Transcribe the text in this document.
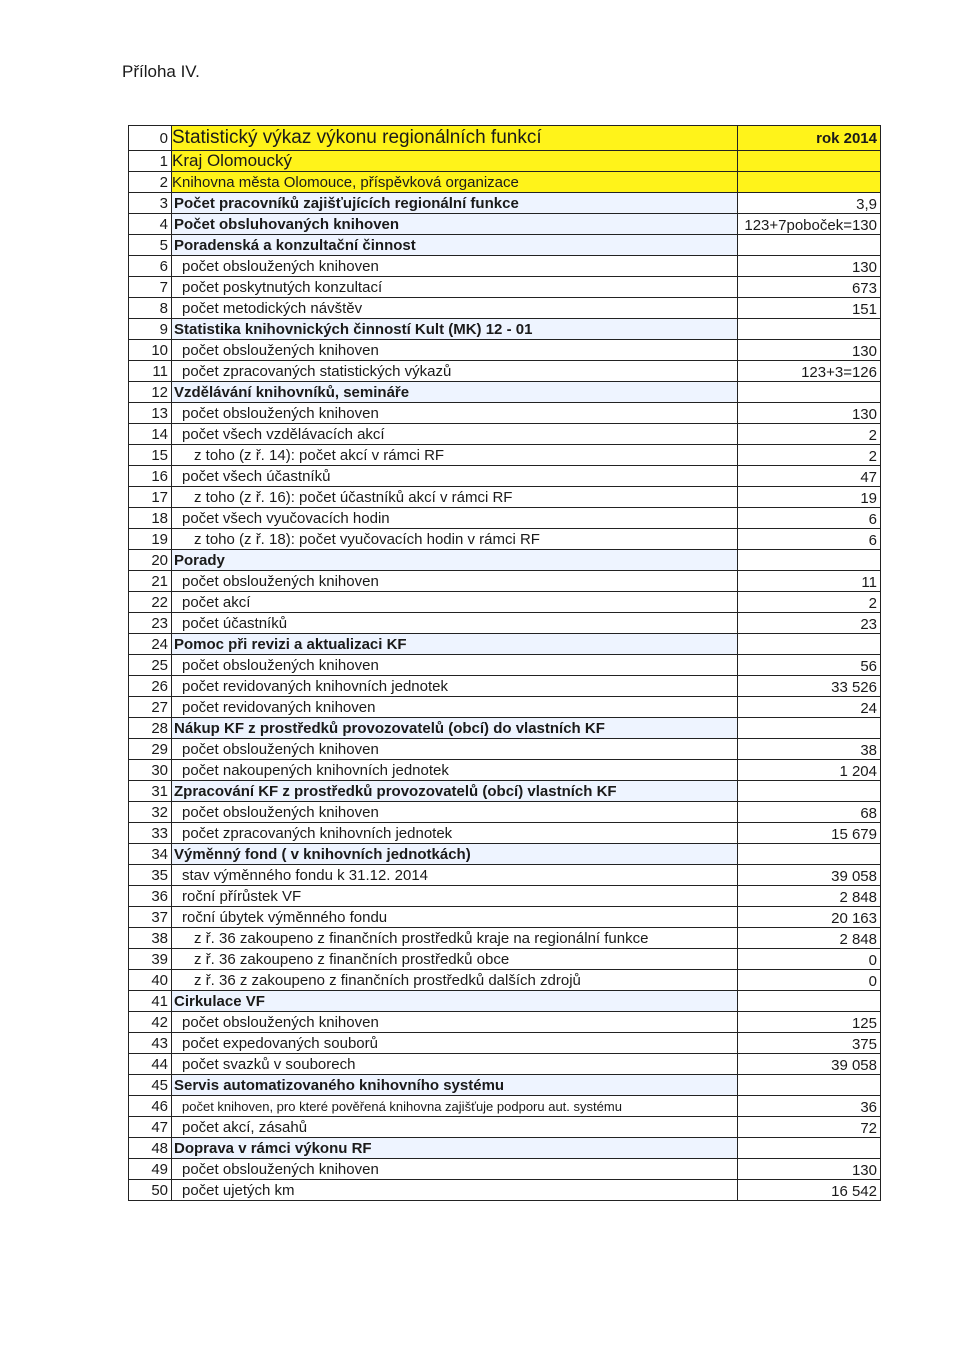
Příloha IV.
0	Statistický výkaz výkonu regionálních funkcí	rok 2014
1	Kraj Olomoucký	
2	Knihovna města Olomouce, příspěvková organizace	
3	Počet pracovníků zajišťujících regionální funkce	3,9
4	Počet obsluhovaných knihoven	123+7poboček=130
5	Poradenská a konzultační činnost	
6	počet obsloužených knihoven	130
7	počet poskytnutých konzultací	673
8	počet metodických návštěv	151
9	Statistika knihovnických činností Kult (MK) 12 - 01	
10	počet obsloužených knihoven	130
11	počet zpracovaných statistických výkazů	123+3=126
12	Vzdělávání knihovníků, semináře	
13	počet obsloužených knihoven	130
14	počet všech vzdělávacích akcí	2
15	z toho (z ř. 14): počet akcí v rámci RF	2
16	počet všech účastníků	47
17	z toho (z ř. 16): počet účastníků akcí v rámci RF	19
18	počet všech vyučovacích hodin	6
19	z toho (z ř. 18): počet vyučovacích hodin v rámci RF	6
20	Porady	
21	počet obsloužených knihoven	11
22	počet akcí	2
23	počet účastníků	23
24	Pomoc při revizi a aktualizaci KF	
25	počet obsloužených knihoven	56
26	počet revidovaných knihovních jednotek	33 526
27	počet revidovaných knihoven	24
28	Nákup KF z prostředků provozovatelů (obcí) do vlastních KF	
29	počet obsloužených knihoven	38
30	počet nakoupených knihovních jednotek	1 204
31	Zpracování KF z prostředků provozovatelů (obcí) vlastních KF	
32	počet obsloužených knihoven	68
33	počet zpracovaných knihovních jednotek	15 679
34	Výměnný fond ( v knihovních jednotkách)	
35	stav výměnného fondu k 31.12. 2014	39 058
36	roční přírůstek VF	2 848
37	roční úbytek výměnného fondu	20 163
38	z ř. 36 zakoupeno z finančních prostředků kraje na regionální funkce	2 848
39	z ř. 36 zakoupeno z finančních prostředků obce	0
40	z ř. 36 z zakoupeno z finančních prostředků dalších zdrojů	0
41	Cirkulace VF	
42	počet obsloužených knihoven	125
43	počet expedovaných souborů	375
44	počet svazků v souborech	39 058
45	Servis automatizovaného knihovního systému	
46	počet knihoven, pro které pověřená knihovna zajišťuje podporu aut. systému	36
47	počet akcí, zásahů	72
48	Doprava v rámci výkonu RF	
49	počet obsloužených knihoven	130
50	počet ujetých km	16 542
